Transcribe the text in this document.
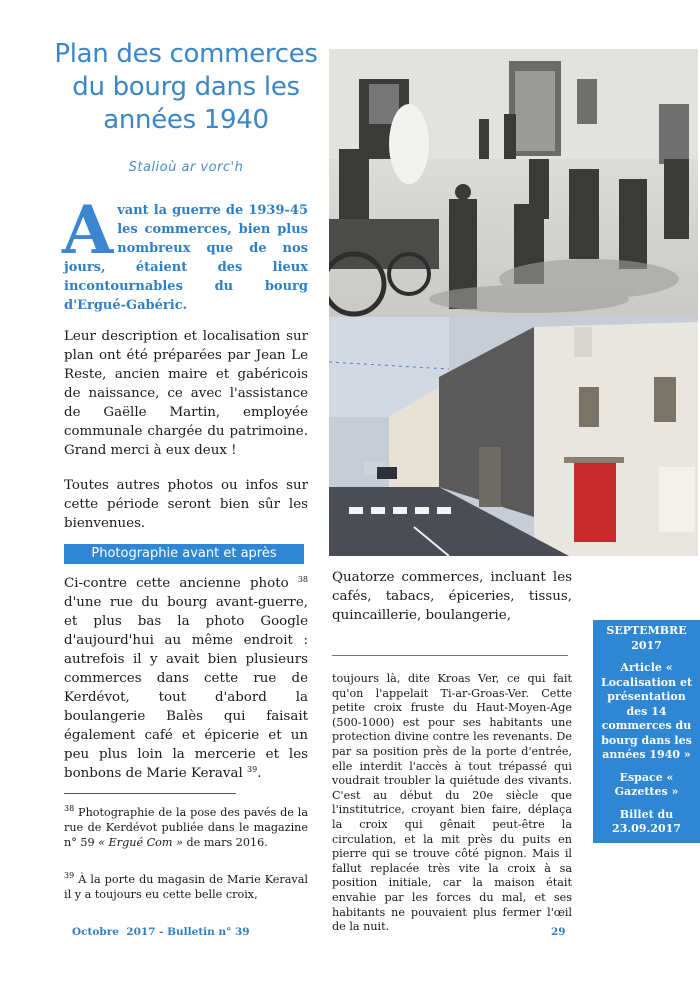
Plan des commerces du bourg dans les années 1940
Stalioù ar vorc'h
Avant la guerre de 1939-45 les commerces, bien plus nombreux que de nos jours, étaient des lieux incontournables du bourg d'Ergué-Gabéric.

Leur description et localisation sur plan ont été préparées par Jean Le Reste, ancien maire et gabéricois de naissance, ce avec l'assistance de Gaëlle Martin, employée communale chargée du patrimoine. Grand merci à eux deux !

Toutes autres photos ou infos sur cette période seront bien sûr les bienvenues.

Photographie avant et après

Ci-contre cette ancienne photo $^{38}$ d'une rue du bourg avant-guerre, et plus bas la photo Google d'aujourd'hui au même endroit : autrefois il y avait bien plusieurs commerces dans cette rue de Kerdévot, tout d'abord la boulangerie Balès qui faisait également café et épicerie et un peu plus loin la mercerie et les bonbons de Marie Keraval $^{39}$.

$^{38}$ Photographie de la pose des pavés de la rue de Kerdévot publiée dans le magazine n° 59 « Ergué Com » de mars 2016.

$^{39}$ À la porte du magasin de Marie Keraval il y a toujours eu cette belle croix,

Quatorze commerces, incluant les cafés, tabacs, épiceries, tissus, quincaillerie, boulangerie,

toujours là, dite Kroas Ver, ce qui fait qu'on l'appelait Ti-ar-Groas-Ver. Cette petite croix fruste du Haut-Moyen-Age (500-1000) est pour ses habitants une protection divine contre les revenants. De par sa position près de la porte d'entrée, elle interdit l'accès à tout trépassé qui voudrait troubler la quiétude des vivants. C'est au début du 20e siècle que l'institutrice, croyant bien faire, déplaça la croix qui gênait peut-être la circulation, et la mit près du puits en pierre qui se trouve côté pignon. Mais il fallut replacée très vite la croix à sa position initiale, car la maison était envahie par les forces du mal, et ses habitants ne pouvaient plus fermer l'œil de la nuit.

SEPTEMBRE 2017

Article « Localisation et présentation des 14 commerces du bourg dans les années 1940 »

Espace « Gazettes »

Billet du 23.09.2017

Octobre  2017 - Bulletin n° 39	29
